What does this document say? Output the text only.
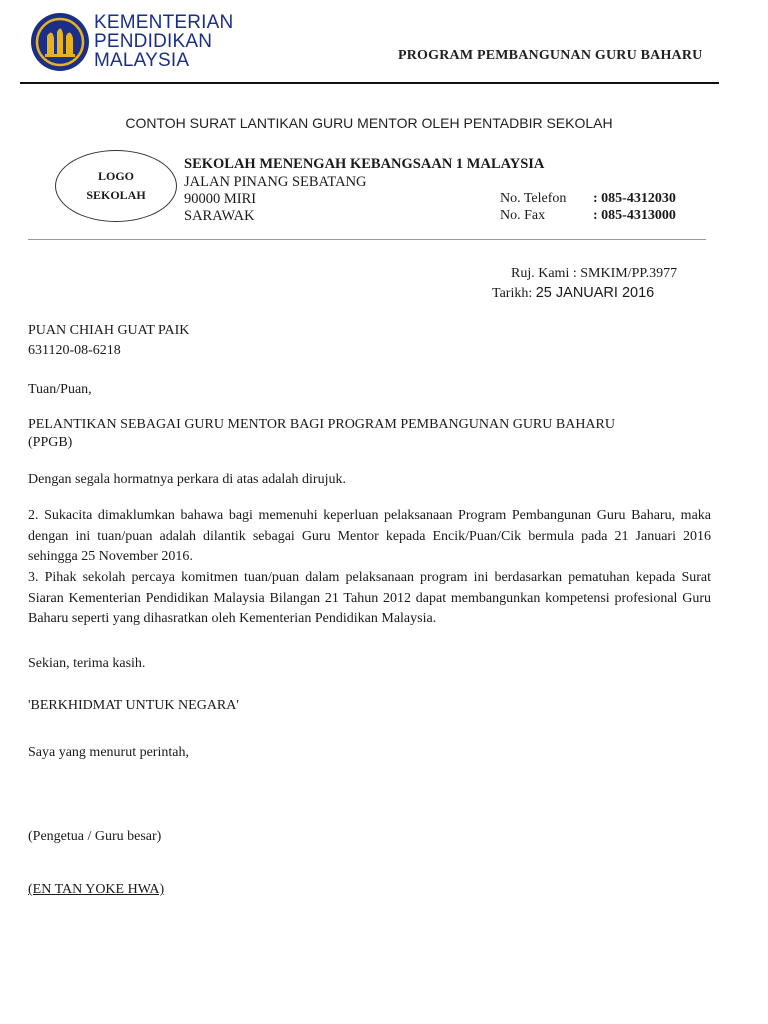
KEMENTERIAN
PENDIDIKAN
MALAYSIA	PROGRAM PEMBANGUNAN GURU BAHARU
CONTOH SURAT LANTIKAN GURU MENTOR OLEH PENTADBIR SEKOLAH
LOGO
SEKOLAH
SEKOLAH MENENGAH KEBANGSAAN 1 MALAYSIA
JALAN PINANG SEBATANG
90000 MIRI
SARAWAK
No. Telefon : 085-4312030
No. Fax	: 085-4313000
Ruj. Kami : SMKIM/PP.3977
Tarikh: 25 JANUARI 2016
PUAN CHIAH GUAT PAIK
631120-08-6218
Tuan/Puan,
PELANTIKAN SEBAGAI GURU MENTOR BAGI PROGRAM PEMBANGUNAN GURU BAHARU
(PPGB)
Dengan segala hormatnya perkara di atas adalah dirujuk.
2. Sukacita dimaklumkan bahawa bagi memenuhi keperluan pelaksanaan Program Pembangunan Guru Baharu, maka dengan ini tuan/puan adalah dilantik sebagai Guru Mentor kepada Encik/Puan/Cik bermula pada 21 Januari 2016 sehingga 25 November 2016.
3. Pihak sekolah percaya komitmen tuan/puan dalam pelaksanaan program ini berdasarkan pematuhan kepada Surat Siaran Kementerian Pendidikan Malaysia Bilangan 21 Tahun 2012 dapat membangunkan kompetensi profesional Guru Baharu seperti yang dihasratkan oleh Kementerian Pendidikan Malaysia.
Sekian, terima kasih.
'BERKHIDMAT UNTUK NEGARA'
Saya yang menurut perintah,
(Pengetua / Guru besar)
(EN TAN YOKE HWA)
